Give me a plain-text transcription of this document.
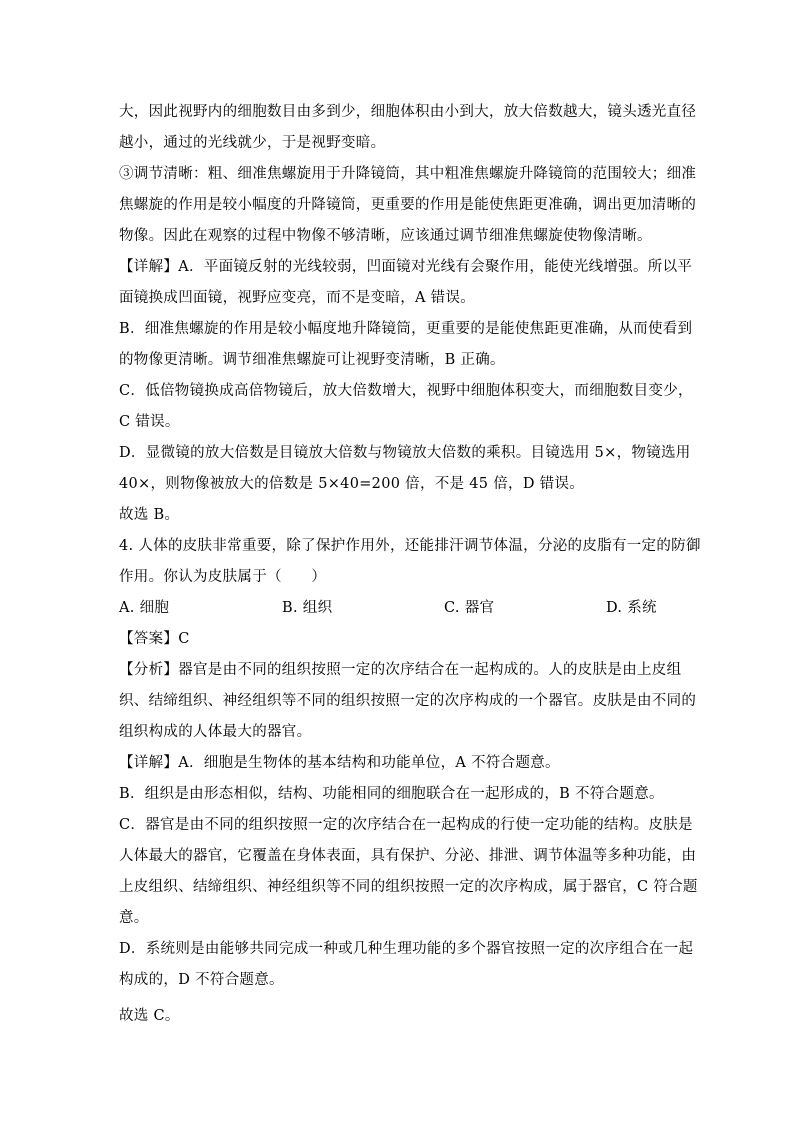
大，因此视野内的细胞数目由多到少，细胞体积由小到大，放大倍数越大，镜头透光直径

越小，通过的光线就少，于是视野变暗。

③调节清晰：粗、细准焦螺旋用于升降镜筒，其中粗准焦螺旋升降镜筒的范围较大；细准

焦螺旋的作用是较小幅度的升降镜筒，更重要的作用是能使焦距更准确，调出更加清晰的

物像。因此在观察的过程中物像不够清晰，应该通过调节细准焦螺旋使物像清晰。

【详解】A．平面镜反射的光线较弱，凹面镜对光线有会聚作用，能使光线增强。所以平

面镜换成凹面镜，视野应变亮，而不是变暗，A 错误。

B．细准焦螺旋的作用是较小幅度地升降镜筒，更重要的是能使焦距更准确，从而使看到

的物像更清晰。调节细准焦螺旋可让视野变清晰，B 正确。

C．低倍物镜换成高倍物镜后，放大倍数增大，视野中细胞体积变大，而细胞数目变少，

C 错误。

D．显微镜的放大倍数是目镜放大倍数与物镜放大倍数的乘积。目镜选用 5×，物镜选用

40×，则物像被放大的倍数是 5×40=200 倍，不是 45 倍，D 错误。

故选 B。

4. 人体的皮肤非常重要，除了保护作用外，还能排汗调节体温，分泌的皮脂有一定的防御

作用。你认为皮肤属于（　　）

A. 细胞	B. 组织	C. 器官	D. 系统

【答案】C

【分析】器官是由不同的组织按照一定的次序结合在一起构成的。人的皮肤是由上皮组

织、结缔组织、神经组织等不同的组织按照一定的次序构成的一个器官。皮肤是由不同的

组织构成的人体最大的器官。

【详解】A．细胞是生物体的基本结构和功能单位，A 不符合题意。

B．组织是由形态相似，结构、功能相同的细胞联合在一起形成的，B 不符合题意。

C．器官是由不同的组织按照一定的次序结合在一起构成的行使一定功能的结构。皮肤是

人体最大的器官，它覆盖在身体表面，具有保护、分泌、排泄、调节体温等多种功能，由

上皮组织、结缔组织、神经组织等不同的组织按照一定的次序构成，属于器官，C 符合题

意。

D．系统则是由能够共同完成一种或几种生理功能的多个器官按照一定的次序组合在一起

构成的，D 不符合题意。

故选 C。
